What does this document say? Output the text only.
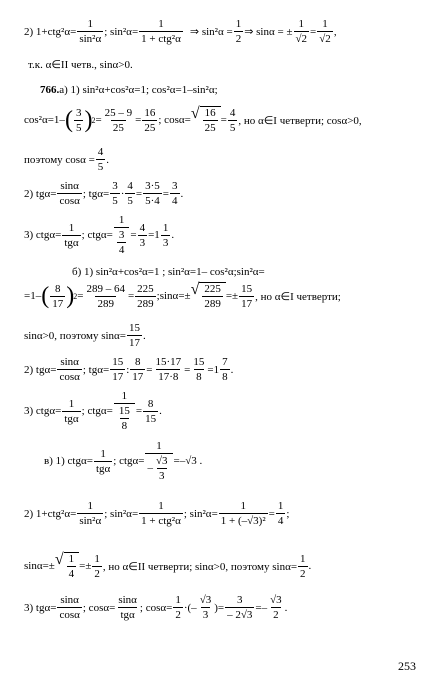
2) $1+ctg^2\alpha= \frac{1}{\text{sin²α}}$ ; sin²α=
1
1 + ctg²α
⇒ $\sin^2\alpha = \frac{1}{2}$ ⇒ sinα = ± $\frac{1}{√2} = \frac{1}{√2}$ ,
т.к. α∈II четв., sinα>0.
766. а) 1) sin²α+cos²α=1; cos²α=1–sin²α;
cos²α=1– ( $\frac{3}{5}$ ) $2 = \frac{25 - 9}{25} = \frac{16}{25}$ ; cosα= √ $\frac{16}{25} = \frac{4}{5}$ , но α∈I четверти; cosα>0,
поэтому $\cos\alpha = \frac{4}{5}$ .
2) $tg\alpha= \frac{\sin\alpha}{\cos\alpha}$ ; $tg\alpha= \frac{3}{5} \cdot \frac{4}{5} = \frac{3\cdot 5}{5\cdot 4} = \frac{3}{4}$ .
3) ctgα=
1
tgα
; $ctg\alpha= \frac{1}{\frac{3}{4}} = \frac{4}{3} =1 \frac{1}{3}$ .
б) 1) sin²α+cos²α=1 ; sin²α=1– cos²α;sin²α=
=1– ( $\frac{8}{17}$ ) $2 = \frac{289 - 64}{289} = \frac{225}{289}$ ;sinα=± √ $\frac{225}{289} =\pm \frac{15}{17}$ , но α∈I четверти;
sinα>0, поэтому $\sin\alpha= \frac{15}{17}$ .
2) $tg\alpha= \frac{\sin\alpha}{\cos\alpha}$ ; $tg\alpha= \frac{15}{17}$ : $\frac{8}{17} = \frac{15\cdot 17}{17\cdot 8} = \frac{15}{8} =1 \frac{7}{8}$ .
3) ctgα=
1
tgα
; $ctg\alpha= \frac{1}{\frac{15}{8}} = \frac{8}{15}$ .
в) 1) ctgα=
1
tgα
; $ctg\alpha= \frac{1}{- \frac{√3}{3}} =-√3$ .
2) $1+ctg^2\alpha= \frac{1}{\text{sin²α}}$ ; sin²α=
1
1 + ctg²α
; $\sin^2\alpha= \frac{1}{\text{1 + (–√3)²}} = \frac{1}{4}$ ;
sinα=± √ $\frac{1}{4} =\pm \frac{1}{2}$ , но α∈II четверти; sinα>0, поэтому $\sin\alpha= \frac{1}{2}$ .
3) $tg\alpha= \frac{\sin\alpha}{\cos\alpha}$ ; cosα=
sinα
tgα
; $\cos\alpha= \frac{1}{2}$ ·(– $\frac{√3}{3}$ )= $\frac{3}{- 2√3} =- \frac{√3}{2}$ .
253
